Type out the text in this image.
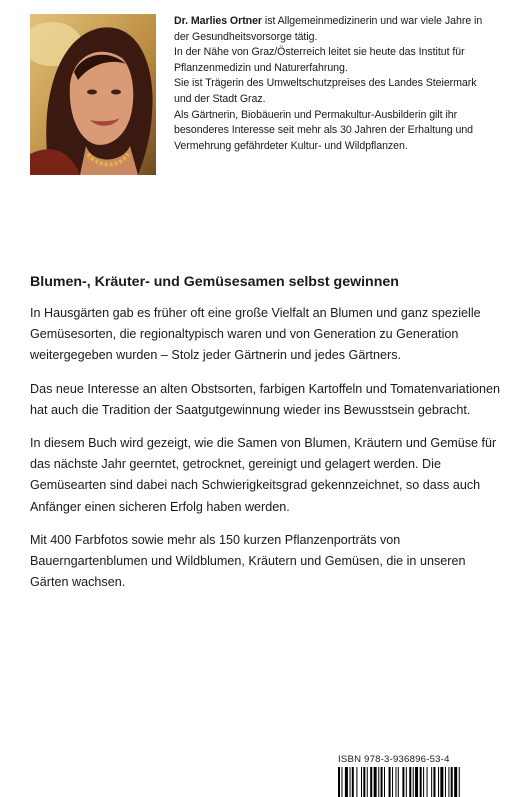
Dr. Marlies Ortner ist Allgemeinmedizinerin und war viele Jahre in der Gesundheitsvorsorge tätig.

In der Nähe von Graz/Österreich leitet sie heute das Institut für Pflanzenmedizin und Naturerfahrung.

Sie ist Trägerin des Umweltschutzpreises des Landes Steiermark und der Stadt Graz.

Als Gärtnerin, Biobäuerin und Permakultur-Ausbilderin gilt ihr besonderes Interesse seit mehr als 30 Jahren der Erhaltung und Vermehrung gefährdeter Kultur- und Wildpflanzen.

Blumen-, Kräuter- und Gemüsesamen selbst gewinnen

In Hausgärten gab es früher oft eine große Vielfalt an Blumen und ganz spezielle Gemüsesorten, die regionaltypisch waren und von Generation zu Generation weitergegeben wurden – Stolz jeder Gärtnerin und jedes Gärtners.

Das neue Interesse an alten Obstsorten, farbigen Kartoffeln und Tomatenvariationen hat auch die Tradition der Saatgutgewinnung wieder ins Bewusstsein gebracht.

In diesem Buch wird gezeigt, wie die Samen von Blumen, Kräutern und Gemüse für das nächste Jahr geerntet, getrocknet, gereinigt und gelagert werden. Die Gemüsearten sind dabei nach Schwierigkeitsgrad gekennzeichnet, so dass auch Anfänger einen sicheren Erfolg haben werden.

Mit 400 Farbfotos sowie mehr als 150 kurzen Pflanzenporträts von Bauerngartenblumen und Wildblumen, Kräutern und Gemüsen, die in unseren Gärten wachsen.

ISBN 978-3-936896-53-4
